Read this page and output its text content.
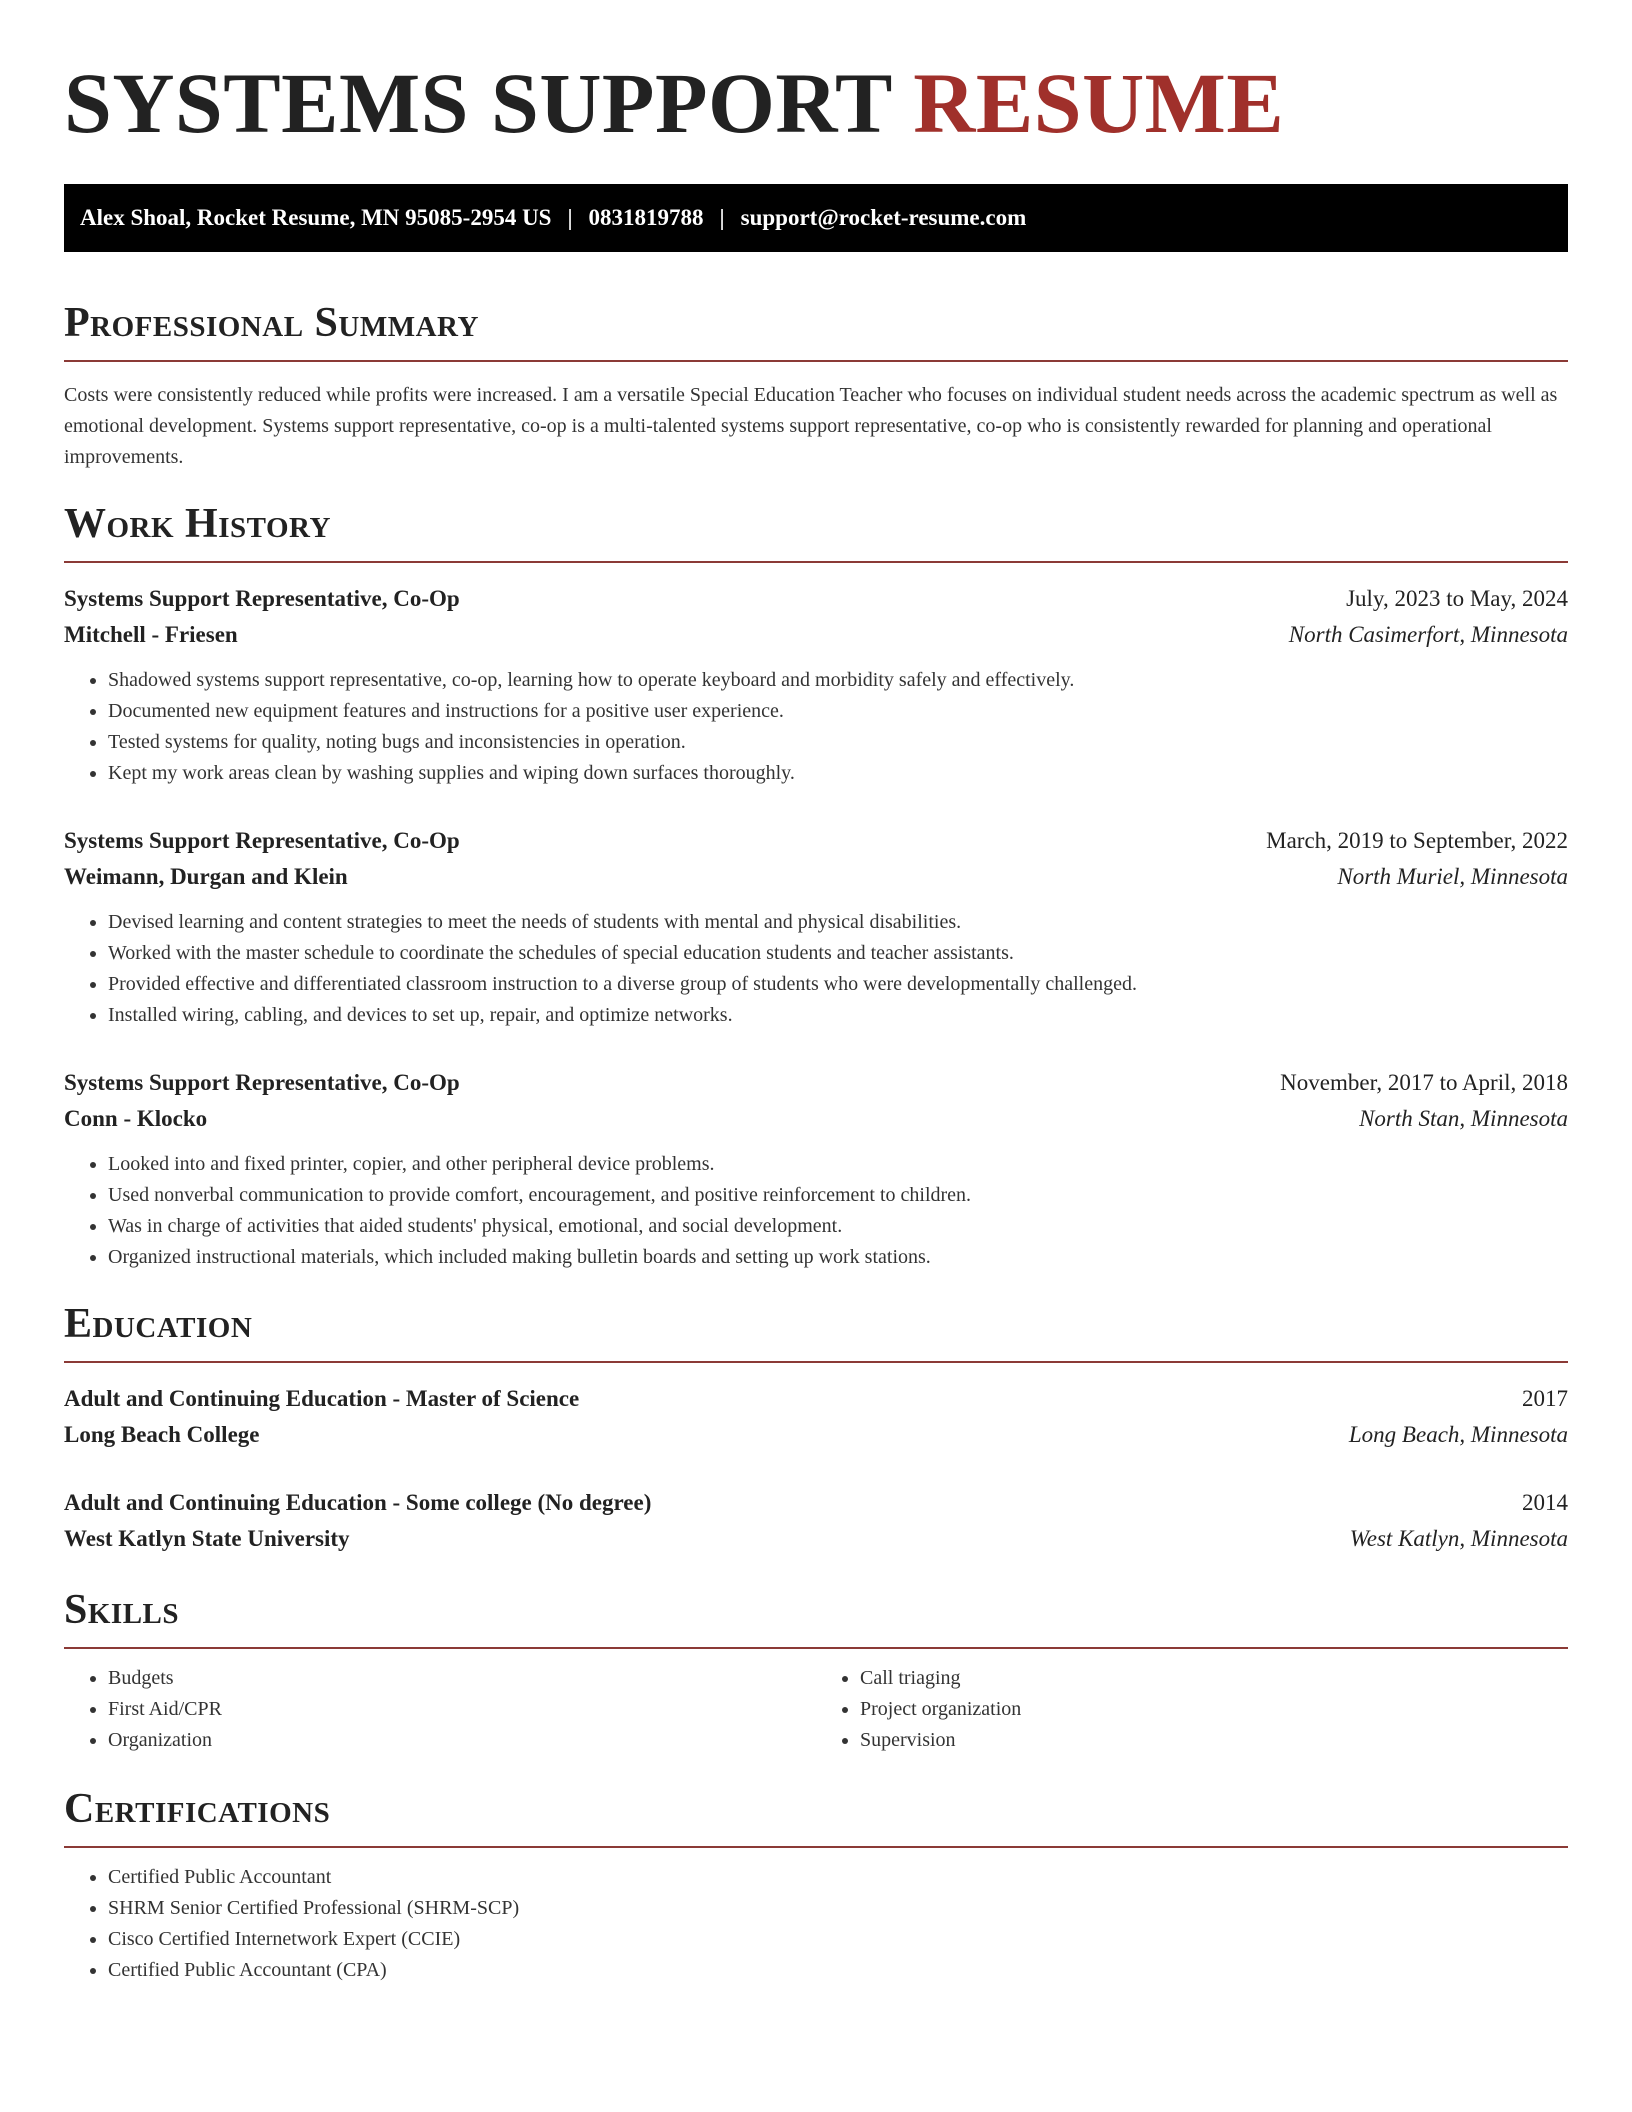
SYSTEMS SUPPORT RESUME
Alex Shoal, Rocket Resume, MN 95085-2954 US | 0831819788 | support@rocket-resume.com
Professional Summary

Costs were consistently reduced while profits were increased. I am a versatile Special Education Teacher who focuses on individual student needs across the academic spectrum as well as emotional development. Systems support representative, co-op is a multi-talented systems support representative, co-op who is consistently rewarded for planning and operational improvements.

Work History
Systems Support Representative, Co-Op	July, 2023 to May, 2024
Mitchell - Friesen	North Casimerfort, Minnesota
• Shadowed systems support representative, co-op, learning how to operate keyboard and morbidity safely and effectively.
• Documented new equipment features and instructions for a positive user experience.
• Tested systems for quality, noting bugs and inconsistencies in operation.
• Kept my work areas clean by washing supplies and wiping down surfaces thoroughly.
Systems Support Representative, Co-Op	March, 2019 to September, 2022
Weimann, Durgan and Klein	North Muriel, Minnesota
• Devised learning and content strategies to meet the needs of students with mental and physical disabilities.
• Worked with the master schedule to coordinate the schedules of special education students and teacher assistants.
• Provided effective and differentiated classroom instruction to a diverse group of students who were developmentally challenged.
• Installed wiring, cabling, and devices to set up, repair, and optimize networks.
Systems Support Representative, Co-Op	November, 2017 to April, 2018
Conn - Klocko	North Stan, Minnesota
• Looked into and fixed printer, copier, and other peripheral device problems.
• Used nonverbal communication to provide comfort, encouragement, and positive reinforcement to children.
• Was in charge of activities that aided students' physical, emotional, and social development.
• Organized instructional materials, which included making bulletin boards and setting up work stations.
Education
Adult and Continuing Education - Master of Science	2017
Long Beach College	Long Beach, Minnesota
Adult and Continuing Education - Some college (No degree)	2014
West Katlyn State University	West Katlyn, Minnesota
Skills
• Budgets
• First Aid/CPR
• Organization
• Call triaging
• Project organization
• Supervision
Certifications
• Certified Public Accountant
• SHRM Senior Certified Professional (SHRM-SCP)
• Cisco Certified Internetwork Expert (CCIE)
• Certified Public Accountant (CPA)
